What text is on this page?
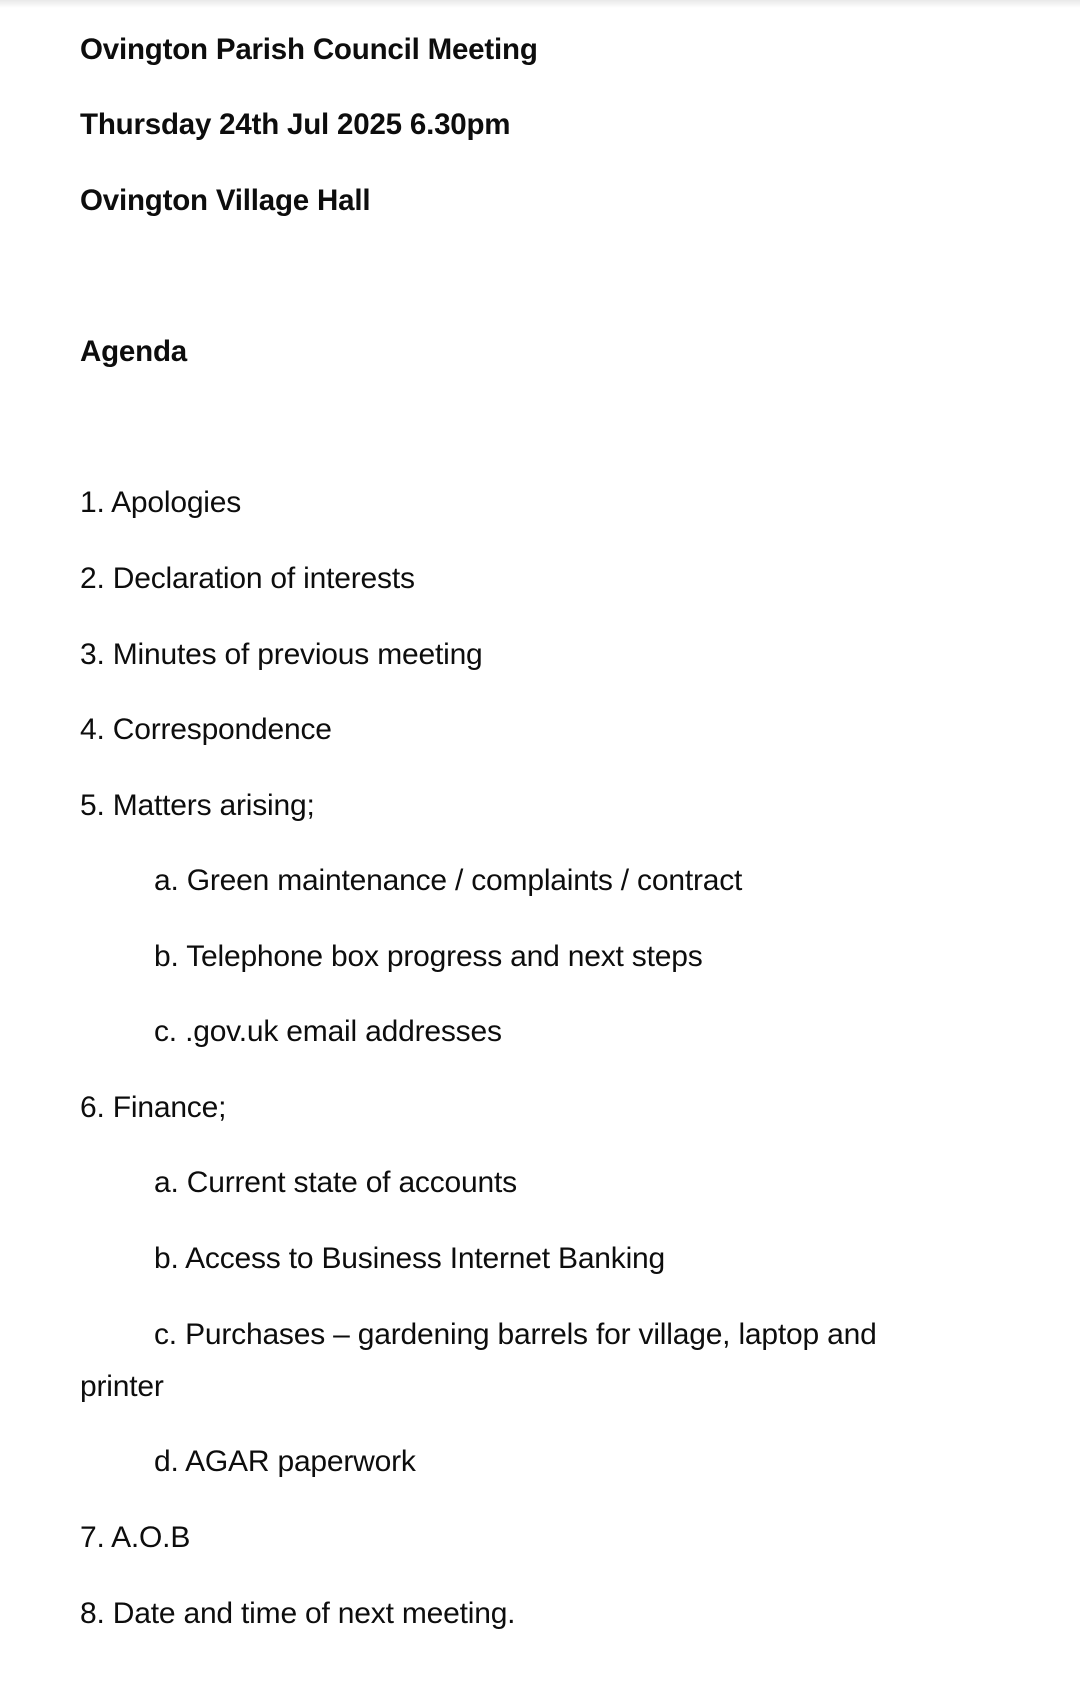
Ovington Parish Council Meeting
Thursday 24th Jul 2025 6.30pm
Ovington Village Hall
Agenda
1. Apologies
2. Declaration of interests
3. Minutes of previous meeting
4. Correspondence
5. Matters arising;
a. Green maintenance / complaints / contract
b. Telephone box progress and next steps
c. .gov.uk email addresses
6. Finance;
a. Current state of accounts
b. Access to Business Internet Banking
c. Purchases – gardening barrels for village, laptop and
printer
d. AGAR paperwork
7. A.O.B
8. Date and time of next meeting.
